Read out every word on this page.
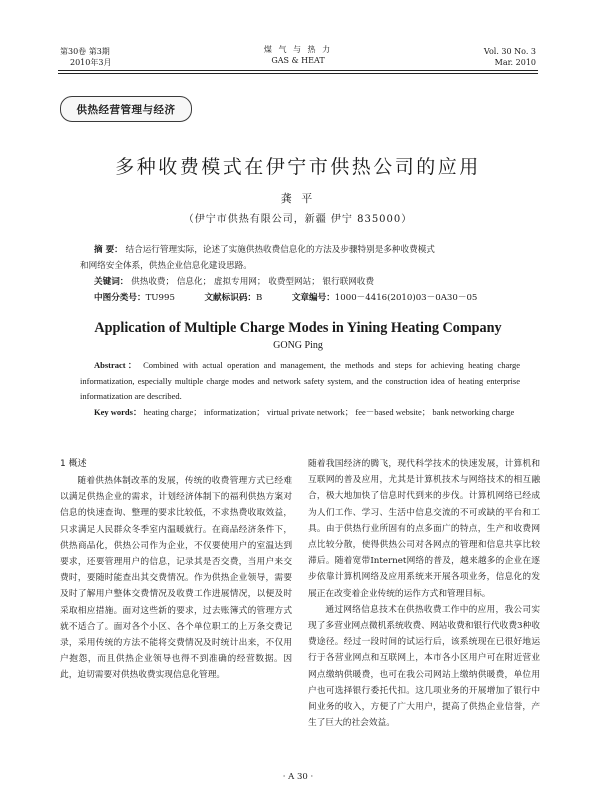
第30卷 第3期
2010年3月
煤 气 与 热 力
GAS & HEAT
Vol. 30 No. 3
Mar. 2010
供热经营管理与经济
多种收费模式在伊宁市供热公司的应用
龚 平
（伊宁市供热有限公司，新疆 伊宁 835000）
摘 要： 结合运行管理实际，论述了实施供热收费信息化的方法及步骤特别是多种收费模式
和网络安全体系，供热企业信息化建设思路。
关键词： 供热收费； 信息化； 虚拟专用网； 收费型网站； 银行联网收费
中图分类号：TU995	文献标识码：B	文章编号：1000－4416(2010)03－0A30－05
Application of Multiple Charge Modes in Yining Heating Company
GONG Ping
Abstract： Combined with actual operation and management, the methods and steps for achieving heating charge informatization, especially multiple charge modes and network safety system, and the construction idea of heating enterprise informatization are described.
Key words： heating charge； informatization； virtual private network； fee－based website； bank networking charge
1 概述

随着供热体制改革的发展，传统的收费管理方式已经难以满足供热企业的需求，计划经济体制下的福利供热方案对信息的快速查询、整理的要求比较低，不求热费收取效益，只求满足人民群众冬季室内温暖就行。在商品经济条件下，供热商品化，供热公司作为企业，不仅要使用户的室温达到要求，还要管理用户的信息，记录其是否交费，当用户来交费时，要随时能查出其交费情况。作为供热企业领导，需要及时了解用户整体交费情况及收费工作进展情况，以便及时采取相应措施。面对这些新的要求，过去账簿式的管理方式就不适合了。面对各个小区、各个单位职工的上万条交费记录，采用传统的方法不能将交费情况及时统计出来，不仅用户抱怨，而且供热企业领导也得不到准确的经营数据。因此，迫切需要对供热收费实现信息化管理。

随着我国经济的腾飞，现代科学技术的快速发展，计算机和互联网的普及应用，尤其是计算机技术与网络技术的相互融合，极大地加快了信息时代到来的步伐。计算机网络已经成为人们工作、学习、生活中信息交流的不可或缺的平台和工具。由于供热行业所固有的点多面广的特点，生产和收费网点比较分散，使得供热公司对各网点的管理和信息共享比较滞后。随着宽带Internet网络的普及，越来越多的企业在逐步依靠计算机网络及应用系统来开展各项业务，信息化的发展正在改变着企业传统的运作方式和管理目标。

通过网络信息技术在供热收费工作中的应用，我公司实现了多营业网点微机系统收费、网站收费和银行代收费3种收费途径。经过一段时间的试运行后，该系统现在已很好地运行于各营业网点和互联网上，本市各小区用户可在附近营业网点缴纳供暖费，也可在我公司网站上缴纳供暖费，单位用户也可选择银行委托代扣。这几项业务的开展增加了银行中间业务的收入，方便了广大用户，提高了供热企业信誉，产生了巨大的社会效益。

· A 30 ·
